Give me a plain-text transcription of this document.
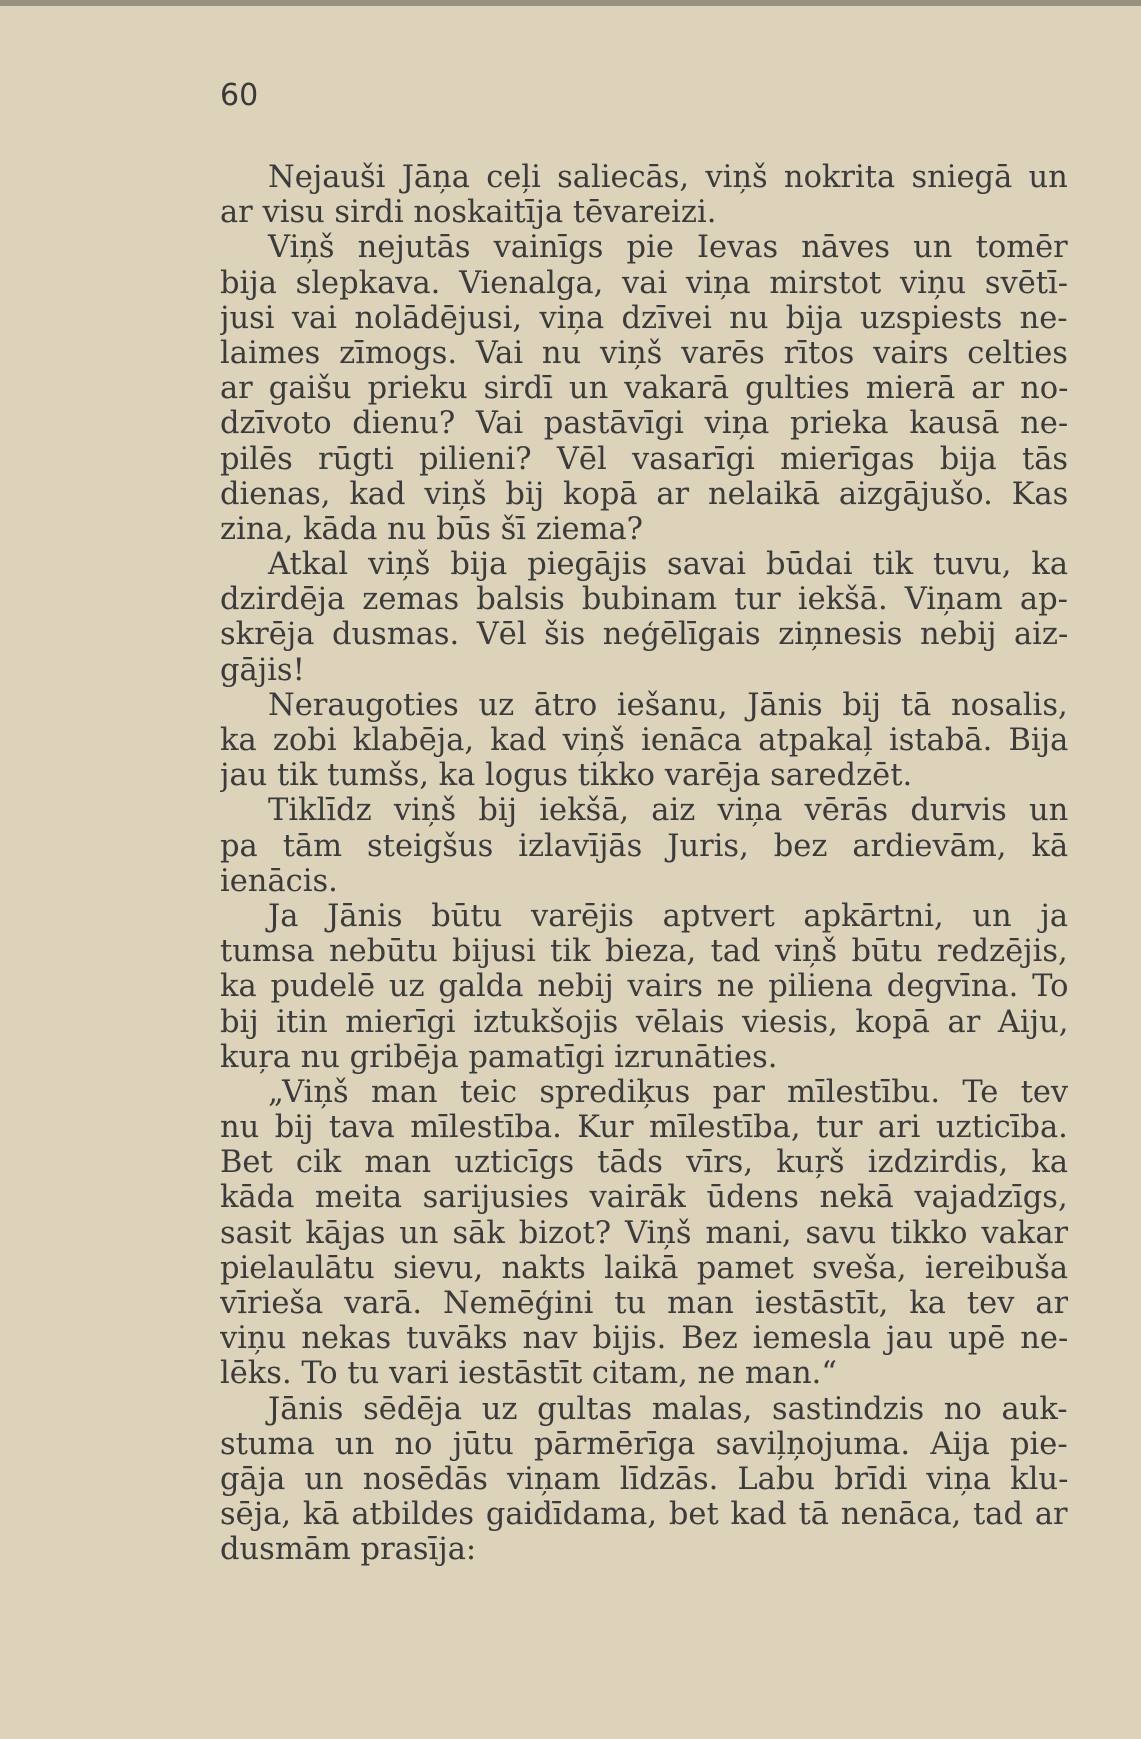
60

Nejauši Jāņa ceļi saliecās, viņš nokrita sniegā un
ar visu sirdi noskaitīja tēvareizi.
Viņš nejutās vainīgs pie Ievas nāves un tomēr
bija slepkava. Vienalga, vai viņa mirstot viņu svētī-
jusi vai nolādējusi, viņa dzīvei nu bija uzspiests ne-
laimes zīmogs. Vai nu viņš varēs rītos vairs celties
ar gaišu prieku sirdī un vakarā gulties mierā ar no-
dzīvoto dienu? Vai pastāvīgi viņa prieka kausā ne-
pilēs rūgti pilieni? Vēl vasarīgi mierīgas bija tās
dienas, kad viņš bij kopā ar nelaikā aizgājušo. Kas
zina, kāda nu būs šī ziema?
Atkal viņš bija piegājis savai būdai tik tuvu, ka
dzirdēja zemas balsis bubinam tur iekšā. Viņam ap-
skrēja dusmas. Vēl šis neģēlīgais ziņnesis nebij aiz-
gājis!
Neraugoties uz ātro iešanu, Jānis bij tā nosalis,
ka zobi klabēja, kad viņš ienāca atpakaļ istabā. Bija
jau tik tumšs, ka logus tikko varēja saredzēt.
Tiklīdz viņš bij iekšā, aiz viņa vērās durvis un
pa tām steigšus izlavījās Juris, bez ardievām, kā
ienācis.
Ja Jānis būtu varējis aptvert apkārtni, un ja
tumsa nebūtu bijusi tik bieza, tad viņš būtu redzējis,
ka pudelē uz galda nebij vairs ne piliena degvīna. To
bij itin mierīgi iztukšojis vēlais viesis, kopā ar Aiju,
kuŗa nu gribēja pamatīgi izrunāties.
„Viņš man teic sprediķus par mīlestību. Te tev
nu bij tava mīlestība. Kur mīlestība, tur ari uzticība.
Bet cik man uzticīgs tāds vīrs, kuŗš izdzirdis, ka
kāda meita sarijusies vairāk ūdens nekā vajadzīgs,
sasit kājas un sāk bizot? Viņš mani, savu tikko vakar
pielaulātu sievu, nakts laikā pamet sveša, iereibuša
vīrieša varā. Nemēģini tu man iestāstīt, ka tev ar
viņu nekas tuvāks nav bijis. Bez iemesla jau upē ne-
lēks. To tu vari iestāstīt citam, ne man.“
Jānis sēdēja uz gultas malas, sastindzis no auk-
stuma un no jūtu pārmērīga saviļņojuma. Aija pie-
gāja un nosēdās viņam līdzās. Labu brīdi viņa klu-
sēja, kā atbildes gaidīdama, bet kad tā nenāca, tad ar
dusmām prasīja:
